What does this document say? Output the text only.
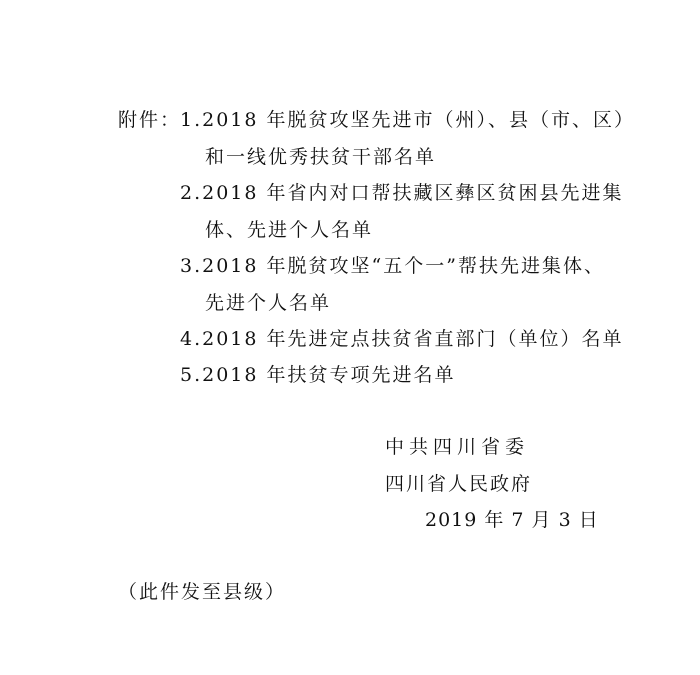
附件：
1.2018 年脱贫攻坚先进市（州）、县（市、区）
和一线优秀扶贫干部名单
2.2018 年省内对口帮扶藏区彝区贫困县先进集
体、先进个人名单
3.2018 年脱贫攻坚“五个一”帮扶先进集体、
先进个人名单
4.2018 年先进定点扶贫省直部门（单位）名单
5.2018 年扶贫专项先进名单
中共四川省委
四川省人民政府
2019 年 7 月 3 日
（此件发至县级）
